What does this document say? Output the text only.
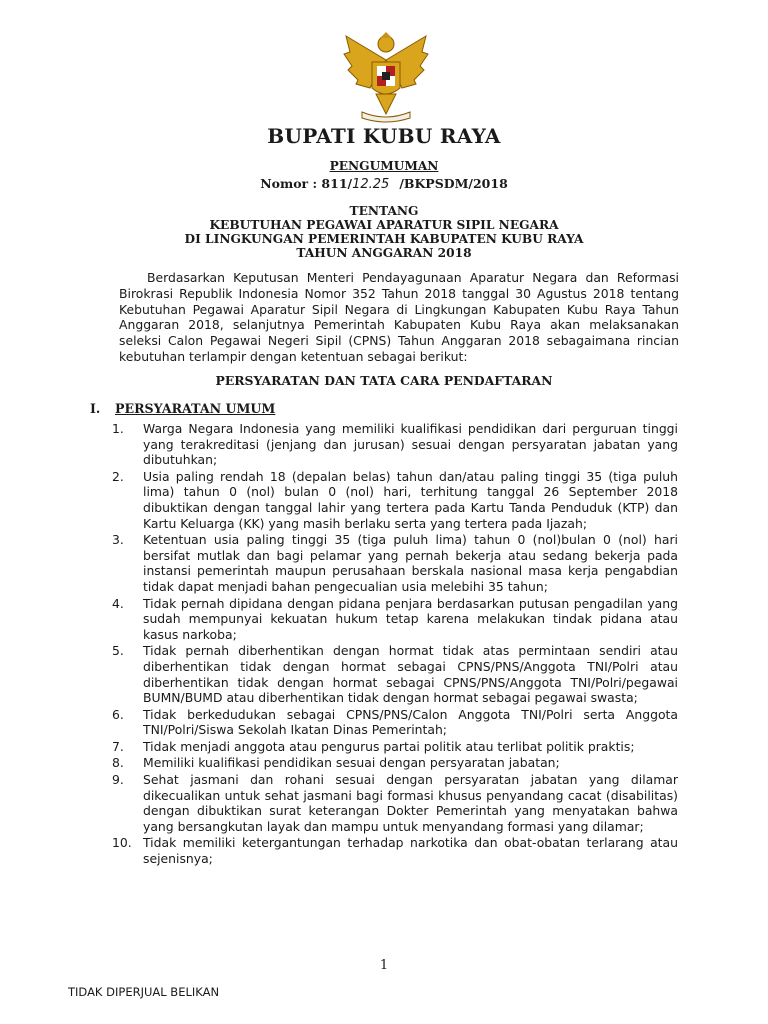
BUPATI KUBU RAYA
PENGUMUMAN
Nomor : 811/12.25 /BKPSDM/2018
TENTANG
KEBUTUHAN PEGAWAI APARATUR SIPIL NEGARA
DI LINGKUNGAN PEMERINTAH KABUPATEN KUBU RAYA
TAHUN ANGGARAN 2018
Berdasarkan Keputusan Menteri Pendayagunaan Aparatur Negara dan Reformasi Birokrasi Republik Indonesia Nomor 352 Tahun 2018 tanggal 30 Agustus 2018 tentang Kebutuhan Pegawai Aparatur Sipil Negara di Lingkungan Kabupaten Kubu Raya Tahun Anggaran 2018, selanjutnya Pemerintah Kabupaten Kubu Raya akan melaksanakan seleksi Calon Pegawai Negeri Sipil (CPNS) Tahun Anggaran 2018 sebagaimana rincian kebutuhan terlampir dengan ketentuan sebagai berikut:
PERSYARATAN DAN TATA CARA PENDAFTARAN
I. PERSYARATAN UMUM
1.	Warga Negara Indonesia yang memiliki kualifikasi pendidikan dari perguruan tinggi yang terakreditasi (jenjang dan jurusan) sesuai dengan persyaratan jabatan yang dibutuhkan;
2.	Usia paling rendah 18 (depalan belas) tahun dan/atau paling tinggi 35 (tiga puluh lima) tahun 0 (nol) bulan 0 (nol) hari, terhitung tanggal 26 September 2018 dibuktikan dengan tanggal lahir yang tertera pada Kartu Tanda Penduduk (KTP) dan Kartu Keluarga (KK) yang masih berlaku serta yang tertera pada Ijazah;
3.	Ketentuan usia paling tinggi 35 (tiga puluh lima) tahun 0 (nol)bulan 0 (nol) hari bersifat mutlak dan bagi pelamar yang pernah bekerja atau sedang bekerja pada instansi pemerintah maupun perusahaan berskala nasional masa kerja pengabdian tidak dapat menjadi bahan pengecualian usia melebihi 35 tahun;
4.	Tidak pernah dipidana dengan pidana penjara berdasarkan putusan pengadilan yang sudah mempunyai kekuatan hukum tetap karena melakukan tindak pidana atau kasus narkoba;
5.	Tidak pernah diberhentikan dengan hormat tidak atas permintaan sendiri atau diberhentikan tidak dengan hormat sebagai CPNS/PNS/Anggota TNI/Polri atau diberhentikan tidak dengan hormat sebagai CPNS/PNS/Anggota TNI/Polri/pegawai BUMN/BUMD atau diberhentikan tidak dengan hormat sebagai pegawai swasta;
6.	Tidak berkedudukan sebagai CPNS/PNS/Calon Anggota TNI/Polri serta Anggota TNI/Polri/Siswa Sekolah Ikatan Dinas Pemerintah;
7.	Tidak menjadi anggota atau pengurus partai politik atau terlibat politik praktis;
8.	Memiliki kualifikasi pendidikan sesuai dengan persyaratan jabatan;
9.	Sehat jasmani dan rohani sesuai dengan persyaratan jabatan yang dilamar dikecualikan untuk sehat jasmani bagi formasi khusus penyandang cacat (disabilitas) dengan dibuktikan surat keterangan Dokter Pemerintah yang menyatakan bahwa yang bersangkutan layak dan mampu untuk menyandang formasi yang dilamar;
10. Tidak memiliki ketergantungan terhadap narkotika dan obat-obatan terlarang atau sejenisnya;
1
TIDAK DIPERJUAL BELIKAN
